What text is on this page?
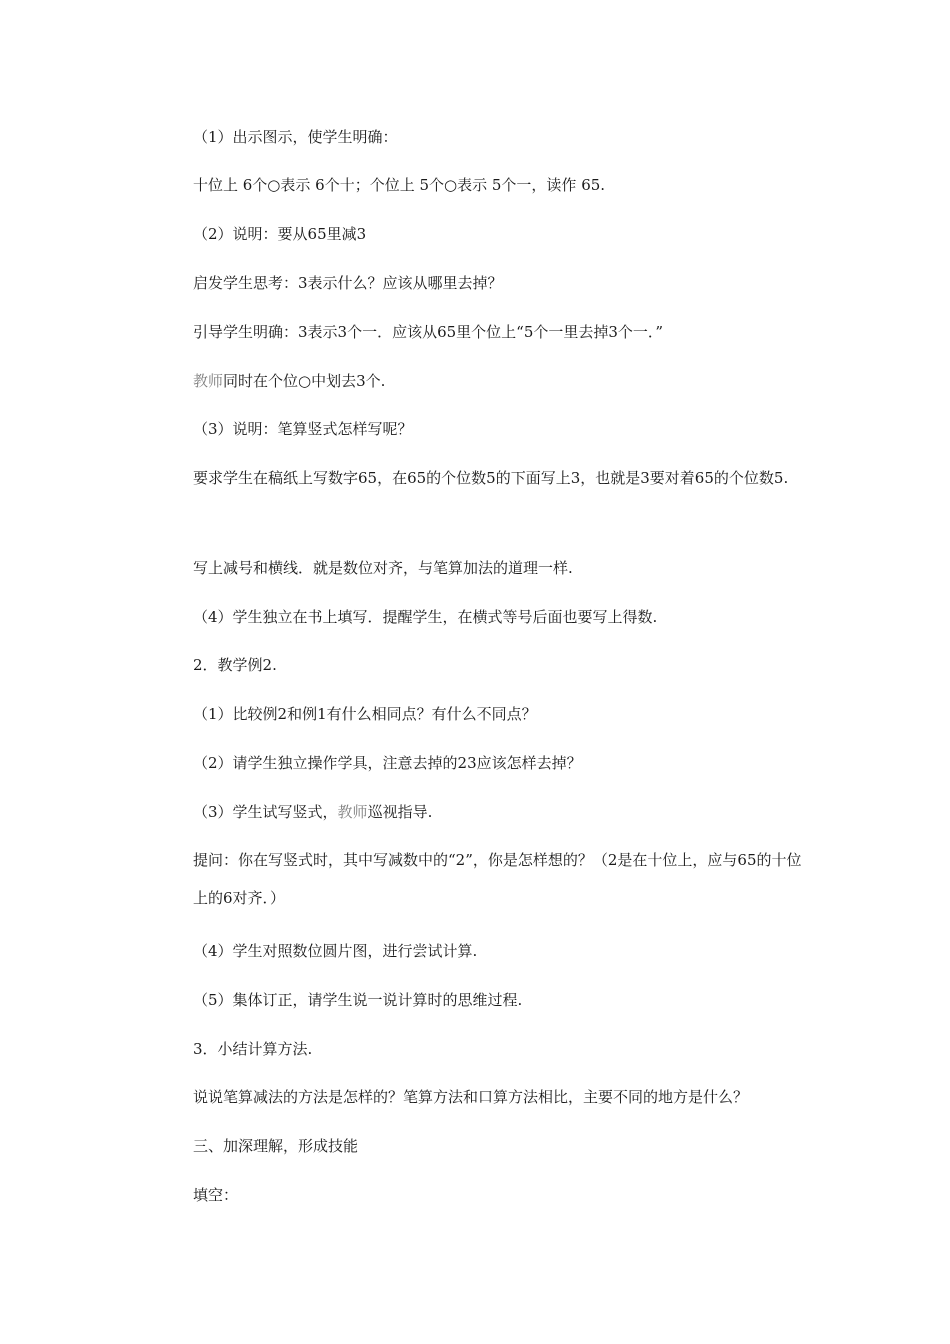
（1）出示图示，使学生明确：

十位上 6个○表示 6个十；个位上 5个○表示 5个一，读作 65.

（2）说明：要从65里减3

启发学生思考：3表示什么？应该从哪里去掉？

引导学生明确：3表示3个一．应该从65里个位上“5个一里去掉3个一．”

教师同时在个位○中划去3个.

（3）说明：笔算竖式怎样写呢？

要求学生在稿纸上写数字65，在65的个位数5的下面写上3，也就是3要对着65的个位数5.

写上减号和横线．就是数位对齐，与笔算加法的道理一样.

（4）学生独立在书上填写．提醒学生，在横式等号后面也要写上得数.

2．教学例2.

（1）比较例2和例1有什么相同点？有什么不同点？

（2）请学生独立操作学具，注意去掉的23应该怎样去掉？

（3）学生试写竖式，教师巡视指导.

提问：你在写竖式时，其中写减数中的“2”，你是怎样想的？（2是在十位上，应与65的十位上的6对齐．）

（4）学生对照数位圆片图，进行尝试计算.

（5）集体订正，请学生说一说计算时的思维过程.

3．小结计算方法.

说说笔算减法的方法是怎样的？笔算方法和口算方法相比，主要不同的地方是什么？

三、加深理解，形成技能

填空：
